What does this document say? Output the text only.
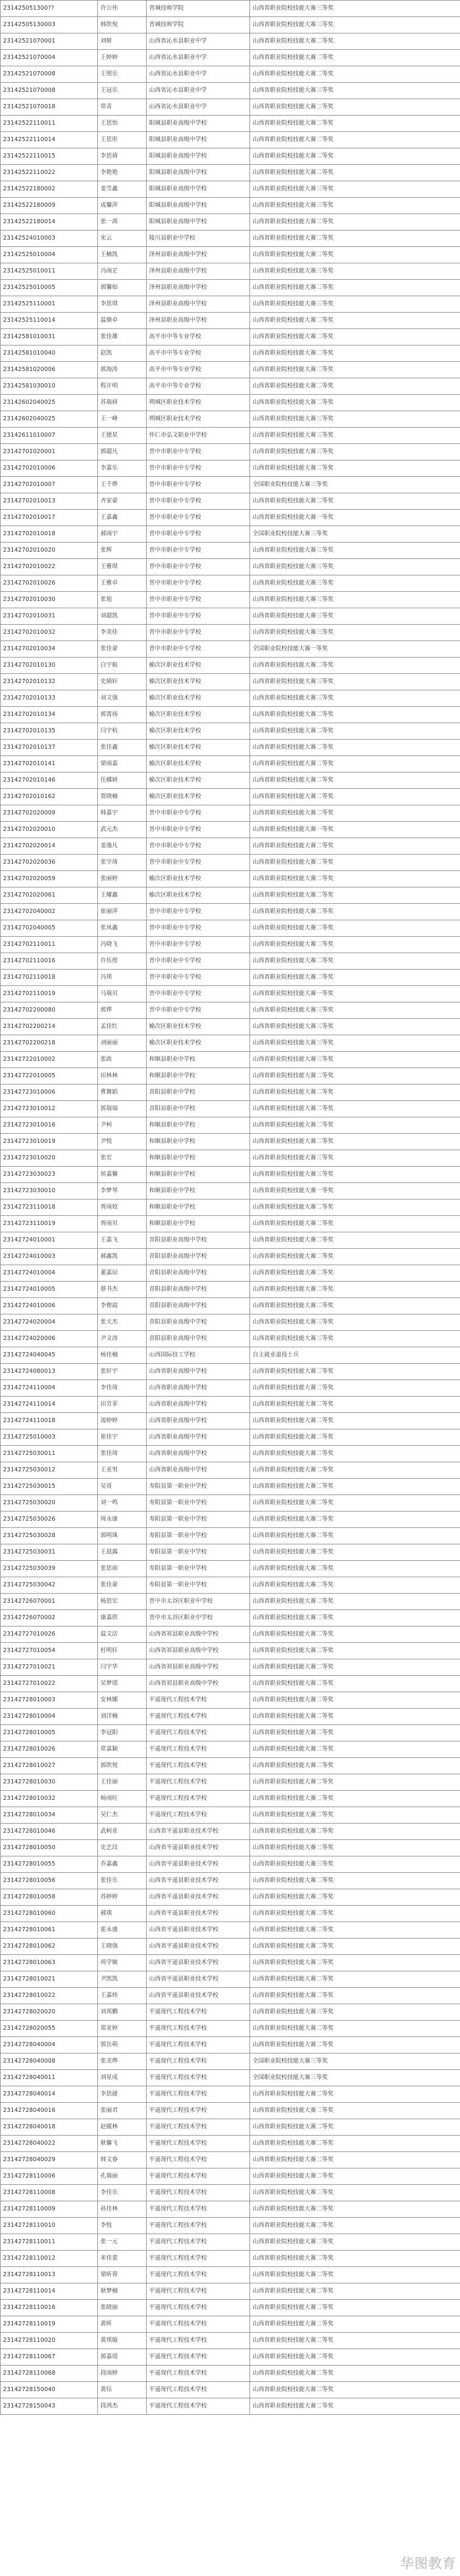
231425051300??	许公伟	晋城技师学院	山西省职业院校技能大赛三等奖
23142505130003	韩欣悦	晋城技师学院	山西省职业院校技能大赛三等奖
23142521070001	刘妍	山西省沁水县职业中学	山西省职业院校技能大赛二等奖
23142521070004	王婷婷	山西省沁水县职业中学	山西省职业院校技能大赛二等奖
23142521070008	王照乐	山西省沁水县职业中学	山西省职业院校技能大赛二等奖
23142521070008	王冠乐	山西省沁水县职业中学	山西省职业院校技能大赛三等奖
23142521070018	常青	山西省沁水县职业中学	山西省职业院校技能大赛二等奖
23142522110011	王思怡	阳城县职业高级中学校	山西省职业院校技能大赛二等奖
23142522110014	王思彤	阳城县职业高级中学校	山西省职业院校技能大赛二等奖
23142522110015	李思倩	阳城县职业高级中学校	山西省职业院校技能大赛二等奖
23142522110022	李艳艳	阳城县职业高级中学校	山西省职业院校技能大赛二等奖
23142522180002	姜雪鑫	阳城县职业高级中学校	山西省职业院校技能大赛三等奖
23142522180009	成馨萍	阳城县职业高级中学校	山西省职业院校技能大赛三等奖
23142522180014	张一茜	阳城县职业高级中学校	山西省职业院校技能大赛二等奖
23142524010003	宋云	陵川县职业中学校	山西省职业院校技能大赛二等奖
23142525010004	王楠凯	泽州县职业高级中学校	山西省职业院校技能大赛二等奖
23142525010011	冯雨芷	泽州县职业高级中学校	山西省职业院校技能大赛三等奖
23142525010005	郭馨如	泽州县职业高级中学校	山西省职业院校技能大赛二等奖
23142525110001	李思琪	泽州县职业高级中学校	山西省职业院校技能大赛三等奖
23142525110014	温鼎卓	泽州县职业高级中学校	山西省职业院校技能大赛二等奖
23142581010031	张佳雄	高平市中等专业学校	山西省职业院校技能大赛二等奖
23142581010040	赵凯	高平市中等专业学校	山西省职业院校技能大赛二等奖
23142581020006	郭海涛	高平市中等专业学校	山西省职业院校技能大赛二等奖
23142581030010	程开明	高平市中等专业学校	山西省职业院校技能大赛二等奖
23142602040025	苏瑞妍	朔城区职业技术学校	山西省职业院校技能大赛二等奖
23142602040025	王一峰	朔城区职业技术学校	山西省职业院校技能大赛三等奖
23142611010007	王德星	怀仁市弘文职业中学校	山西省职业院校技能大赛三等奖
23142701020001	郭超凡	晋中市职业中专学校	山西省职业院校技能大赛三等奖
23142702010006	李嘉乐	晋中市职业中专学校	山西省职业院校技能大赛二等奖
23142702010007	王千烨	晋中市职业中专学校	全国职业院校技能大赛三等奖
23142702010013	齐家豪	晋中市职业中专学校	山西省职业院校技能大赛二等奖
23142702010017	王嘉鑫	晋中市职业中专学校	山西省职业院校技能大赛一等奖
23142702010018	郝雨宇	晋中市职业中专学校	全国职业院校技能大赛三等奖
23142702010020	张辉	晋中市职业中专学校	山西省职业院校技能大赛三等奖
23142702010022	王雅琪	晋中市职业中专学校	山西省职业院校技能大赛三等奖
23142702010026	王雅卓	晋中市职业中专学校	山西省职业院校技能大赛三等奖
23142702010030	张旭	晋中市职业中专学校	山西省职业院校技能大赛三等奖
23142702010031	刘超凯	晋中市职业中专学校	山西省职业院校技能大赛三等奖
23142702010032	李美佳	晋中市职业中专学校	山西省职业院校技能大赛三等奖
23142702010034	张佳豪	晋中市职业中专学校	全国职业院校技能大赛一等奖
23142702010130	白宇航	榆次区职业技术学校	山西省职业院校技能大赛二等奖
23142702010132	史婧轩	榆次区职业技术学校	山西省职业院校技能大赛三等奖
23142702010133	刘文强	榆次区职业技术学校	山西省职业院校技能大赛三等奖
23142702010134	郭霄扬	榆次区职业技术学校	山西省职业院校技能大赛二等奖
23142702010135	闫宇杭	榆次区职业技术学校	山西省职业院校技能大赛二等奖
23142702010137	张佳鑫	榆次区职业技术学校	山西省职业院校技能大赛二等奖
23142702010141	梁雨嘉	榆次区职业技术学校	山西省职业院校技能大赛二等奖
23142702010146	任娜妍	榆次区职业技术学校	山西省职业院校技能大赛二等奖
23142702010162	贾晓楠	榆次区职业技术学校	山西省职业院校技能大赛二等奖
23142702020009	韩嘉宇	晋中市职业中专学校	山西省职业院校技能大赛二等奖
23142702020010	武元杰	晋中市职业中专学校	山西省职业院校技能大赛一等奖
23142702020014	姜逸凡	晋中市职业中专学校	山西省职业院校技能大赛二等奖
23142702020036	张宇琦	晋中市职业中专学校	山西省职业院校技能大赛二等奖
23142702020059	张丽婷	榆次区职业技术学校	山西省职业院校技能大赛二等奖
23142702020061	王耀鑫	榆次区职业技术学校	山西省职业院校技能大赛二等奖
23142702040002	崔丽萍	晋中市职业中专学校	山西省职业院校技能大赛二等奖
23142702040005	张凤鑫	晋中市职业中专学校	山西省职业院校技能大赛二等奖
23142702110011	冯晓飞	晋中市职业中专学校	山西省职业院校技能大赛二等奖
23142702110016	许伍煜	晋中市职业中专学校	山西省职业院校技能大赛二等奖
23142702110018	冯琪	晋中市职业中专学校	山西省职业院校技能大赛二等奖
23142702110019	马瑞贝	晋中市职业中专学校	山西省职业院校技能大赛一等奖
23142702200080	郭烨	晋中市职业中专学校	山西省职业院校技能大赛三等奖
23142702200214	孟佳红	榆次区职业技术学校	山西省职业院校技能大赛三等奖
23142702200218	刘丽丽	榆次区职业技术学校	山西省职业院校技能大赛三等奖
23142722010002	张政	和顺县职业中学校	山西省职业院校技能大赛三等奖
23142722010005	田林林	和顺县职业中学校	山西省职业院校技能大赛二等奖
23142723010006	曹舞蹈	昔阳县职业中学校	山西省职业院校技能大赛二等奖
23142723010012	郭瑞瑞	昔阳县职业中学校	山西省职业院校技能大赛二等奖
23142723010016	尹柯	和顺县职业中学校	山西省职业院校技能大赛二等奖
23142723010019	尹悦	和顺县职业中学校	山西省职业院校技能大赛二等奖
23142723010020	张宏	和顺县职业中学校	山西省职业院校技能大赛三等奖
23142723030023	侯嘉馨	和顺县职业中学校	山西省职业院校技能大赛三等奖
23142723030010	李梦琴	和顺县职业中学校	山西省职业院校技能大赛一等奖
23142723110018	胥雨姣	和顺县职业中学校	山西省职业院校技能大赛二等奖
23142723110019	胥雨贝	和顺县职业中学校	山西省职业院校技能大赛二等奖
23142724010001	王嘉飞	昔阳县职业高级中学校	山西省职业院校技能大赛二等奖
23142724010003	郝鑫凯	昔阳县职业高级中学校	山西省职业院校技能大赛二等奖
23142724010004	董嘉辰	昔阳县职业高级中学校	山西省职业院校技能大赛二等奖
23142724010005	蔡书杰	昔阳县职业高级中学校	山西省职业院校技能大赛二等奖
23142724010006	李俊霞	昔阳县职业高级中学校	山西省职业院校技能大赛二等奖
23142724020004	张天杰	昔阳县职业高级中学校	山西省职业院校技能大赛三等奖
23142724020006	尹文涛	昔阳县职业高级中学校	山西省职业院校技能大赛三等奖
23142724040045	杨佳楠	山西国际技工学校	自主就业退役士兵
23142724080013	张轩宇	山西省职业高级中学校	山西省职业院校技能大赛二等奖
23142724110004	李佳琦	山西省职业高级中学校	山西省职业院校技能大赛二等奖
23142724110014	田芳菲	山西省职业高级中学校	山西省职业院校技能大赛二等奖
23142724110018	凌婷婷	山西省职业高级中学校	山西省职业院校技能大赛二等奖
23142725010003	崔佳宇	山西省职业高级中学校	山西省职业院校技能大赛二等奖
23142725030011	张佳琦	山西省职业高级中学校	山西省职业院校技能大赛二等奖
23142725030012	王亚男	山西省职业高级中学校	山西省职业院校技能大赛二等奖
23142725030015	吴哥	寿阳县第一职业中学校	山西省职业院校技能大赛二等奖
23142725030020	刘一鸣	寿阳县第一职业中学校	山西省职业院校技能大赛二等奖
23142725030026	周永康	寿阳县第一职业中学校	山西省职业院校技能大赛二等奖
23142725030028	郭明珠	寿阳县第一职业中学校	山西省职业院校技能大赛二等奖
23142725030031	王晨露	寿阳县第一职业中学校	山西省职业院校技能大赛二等奖
23142725030039	张思雨	寿阳县第一职业中学校	山西省职业院校技能大赛二等奖
23142725030042	张佳豪	寿阳县第一职业中学校	山西省职业院校技能大赛二等奖
23142726070001	杨思宏	晋中市太谷区职业中学校	山西省职业院校技能大赛二等奖
23142726070002	康嘉欣	晋中市太谷区职业中学校	山西省职业院校技能大赛二等奖
23142727010026	温文洁	山西省祁县职业高级中学校	山西省职业院校技能大赛二等奖
23142727010054	杜明轩	山西省祁县职业高级中学校	山西省职业院校技能大赛二等奖
23142727010021	闫宇华	山西省祁县职业高级中学校	山西省职业院校技能大赛二等奖
23142727010022	吴梦瑶	山西省祁县职业高级中学校	山西省职业院校技能大赛二等奖
23142728010003	安林娜	平遥现代工程技术学校	山西省职业院校技能大赛二等奖
23142728010004	刘洋楠	平遥现代工程技术学校	山西省职业院校技能大赛二等奖
23142728010005	李冠阳	平遥现代工程技术学校	山西省职业院校技能大赛二等奖
23142728010026	常嘉颖	平遥现代工程技术学校	山西省职业院校技能大赛二等奖
23142728010027	郭欣悦	平遥现代工程技术学校	山西省职业院校技能大赛二等奖
23142728010030	王佳丽	平遥现代工程技术学校	山西省职业院校技能大赛二等奖
23142728010032	杨雨旺	平遥现代工程技术学校	山西省职业院校技能大赛二等奖
23142728010034	吴仁杰	平遥现代工程技术学校	山西省职业院校技能大赛二等奖
23142728010046	武柯亚	山西省平遥县职业技术学校	山西省职业院校技能大赛二等奖
23142728010050	史艺玟	山西省平遥县职业技术学校	山西省职业院校技能大赛二等奖
23142728010055	乔嘉鑫	山西省平遥县职业技术学校	山西省职业院校技能大赛三等奖
23142728010056	张佳乐	山西省平遥县职业技术学校	山西省职业院校技能大赛二等奖
23142728010058	苏婷婷	山西省平遥县职业技术学校	山西省职业院校技能大赛二等奖
23142728010060	郝琪	山西省平遥县职业技术学校	山西省职业院校技能大赛二等奖
23142728010061	霍永盛	山西省平遥县职业技术学校	山西省职业院校技能大赛二等奖
23142728010062	王晓强	山西省平遥县职业技术学校	山西省职业院校技能大赛二等奖
23142728010063	巩学敏	山西省平遥县职业技术学校	山西省职业院校技能大赛二等奖
23142728010021	尹凯凯	山西省平遥县职业技术学校	山西省职业院校技能大赛二等奖
23142728010022	王嘉炜	山西省平遥县职业技术学校	山西省职业院校技能大赛二等奖
23142728020020	刘邦鹏	平遥现代工程技术学校	山西省职业院校技能大赛三等奖
23142728020055	郑亚婷	平遥现代工程技术学校	山西省职业院校技能大赛二等奖
23142728040004	郭岳萌	平遥现代工程技术学校	山西省职业院校技能大赛二等奖
23142728040008	张美烨	平遥现代工程技术学校	全国职业院校技能大赛三等奖
23142728040011	刘星成	平遥现代工程技术学校	全国职业院校技能大赛三等奖
23142728040014	李思捷	平遥现代工程技术学校	山西省职业院校技能大赛二等奖
23142728040016	张丽君	平遥现代工程技术学校	山西省职业院校技能大赛二等奖
23142728040018	赵媛林	平遥现代工程技术学校	山西省职业院校技能大赛二等奖
23142728040022	耿馨飞	平遥现代工程技术学校	山西省职业院校技能大赛二等奖
23142728040029	韩文睿	平遥现代工程技术学校	山西省职业院校技能大赛二等奖
23142728110006	孔瑞丽	平遥现代工程技术学校	山西省职业院校技能大赛二等奖
23142728110008	李佳乐	平遥现代工程技术学校	山西省职业院校技能大赛二等奖
23142728110009	孙佳林	平遥现代工程技术学校	山西省职业院校技能大赛二等奖
23142728110010	李悦	平遥现代工程技术学校	山西省职业院校技能大赛二等奖
23142728110011	张一元	平遥现代工程技术学校	山西省职业院校技能大赛二等奖
23142728110012	米佳蕾	平遥现代工程技术学校	山西省职业院校技能大赛二等奖
23142728110013	梁昕蓉	平遥现代工程技术学校	山西省职业院校技能大赛二等奖
23142728110014	耿梦楠	平遥现代工程技术学校	山西省职业院校技能大赛二等奖
23142728110016	张晓丽	平遥现代工程技术学校	山西省职业院校技能大赛二等奖
23142728110019	黄昕	平遥现代工程技术学校	山西省职业院校技能大赛二等奖
23142728110020	黄琪璇	平遥现代工程技术学校	山西省职业院校技能大赛二等奖
23142728110067	郭嘉瑶	平遥现代工程技术学校	山西省职业院校技能大赛二等奖
23142728110068	段雨婷	平遥现代工程技术学校	山西省职业院校技能大赛二等奖
23142728150040	黄钰	平遥现代工程技术学校	山西省职业院校技能大赛二等奖
23142728150043	段鸿杰	平遥现代工程技术学校	山西省职业院校技能大赛二等奖
华图教育
